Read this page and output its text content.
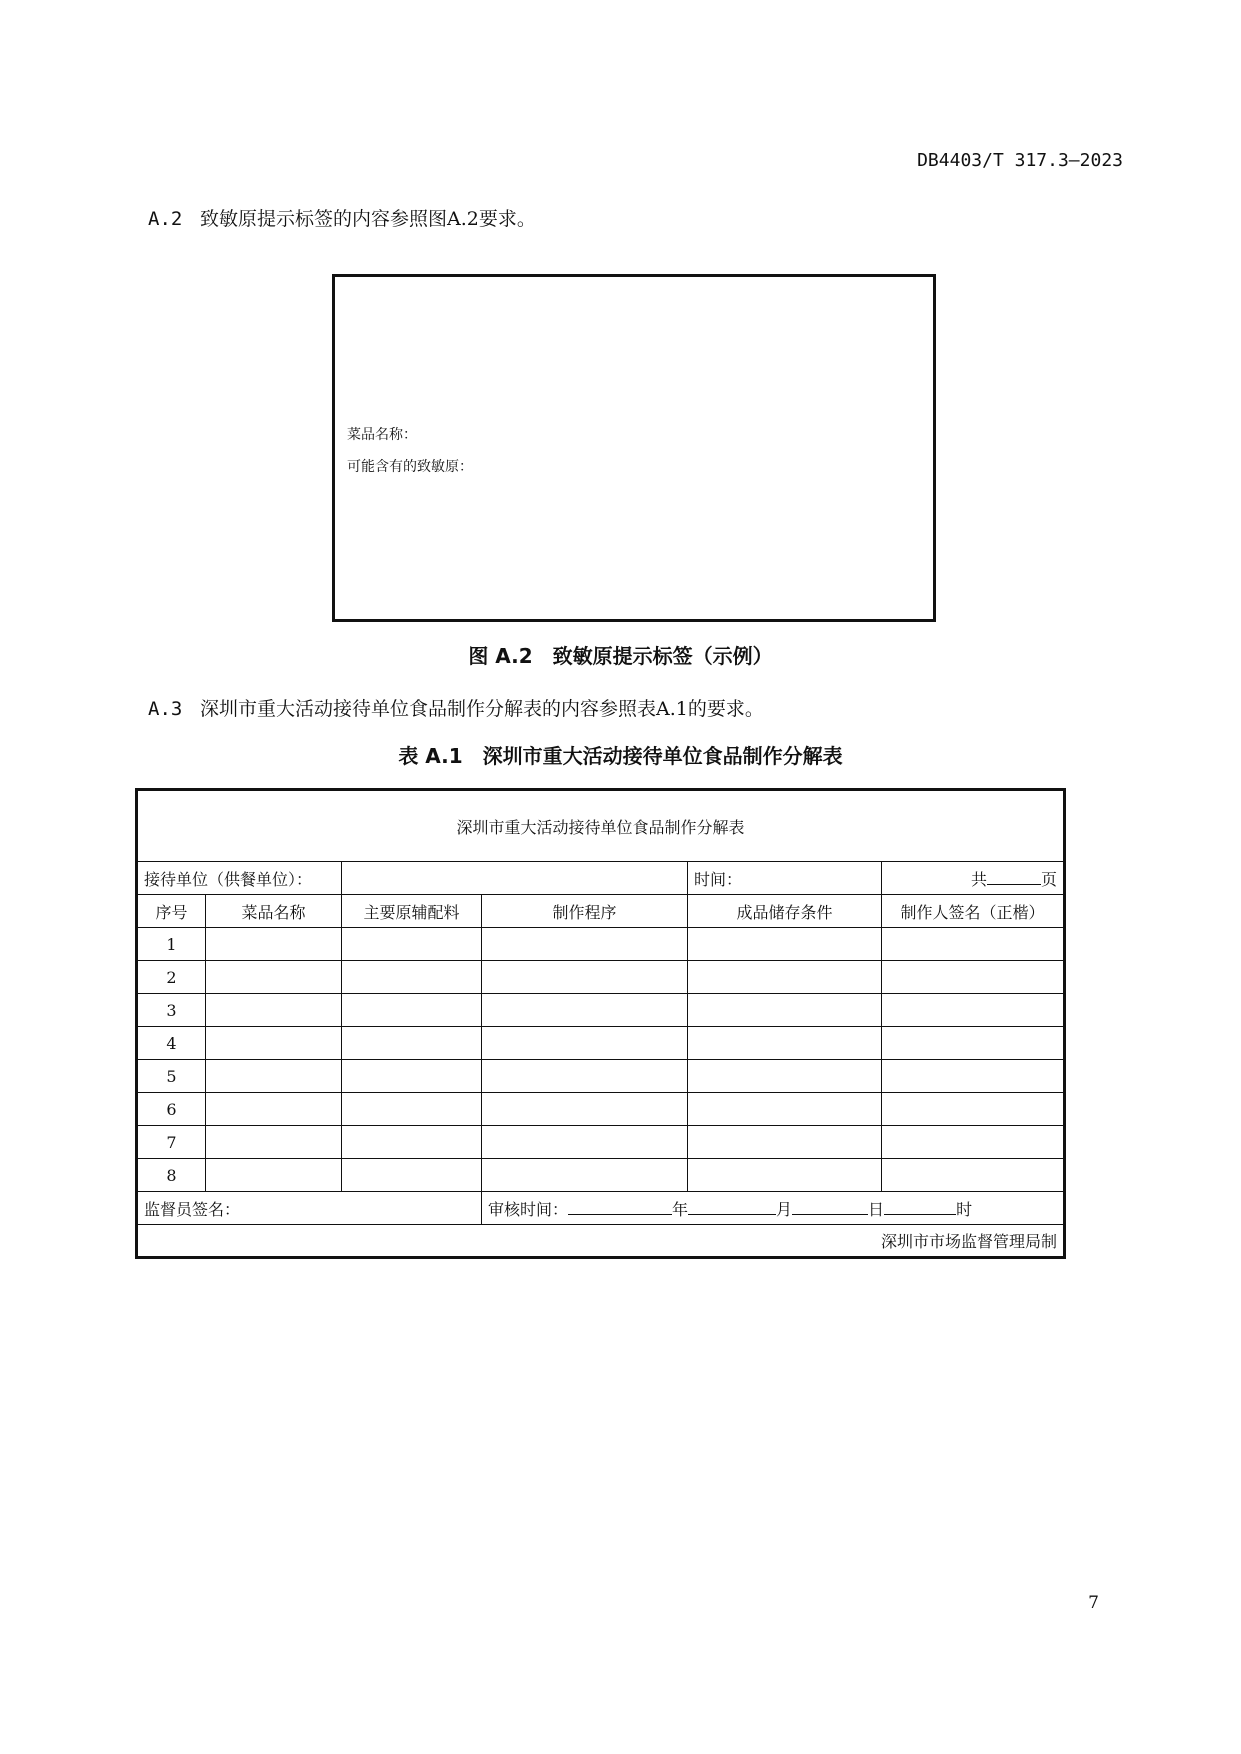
DB4403/T 317.3—2023
A.2 致敏原提示标签的内容参照图A.2要求。
菜品名称：
可能含有的致敏原：
图 A.2　致敏原提示标签（示例）
A.3 深圳市重大活动接待单位食品制作分解表的内容参照表A.1的要求。
表 A.1　深圳市重大活动接待单位食品制作分解表
深圳市重大活动接待单位食品制作分解表					
接待单位（供餐单位）：				时间：	共 页
序号	菜品名称	主要原辅配料	制作程序	成品储存条件	制作人签名（正楷）
1					
2					
3					
4					
5					
6					
7					
8					
监督员签名：			审核时间： 年 月 日 时		
深圳市市场监督管理局制					
7
